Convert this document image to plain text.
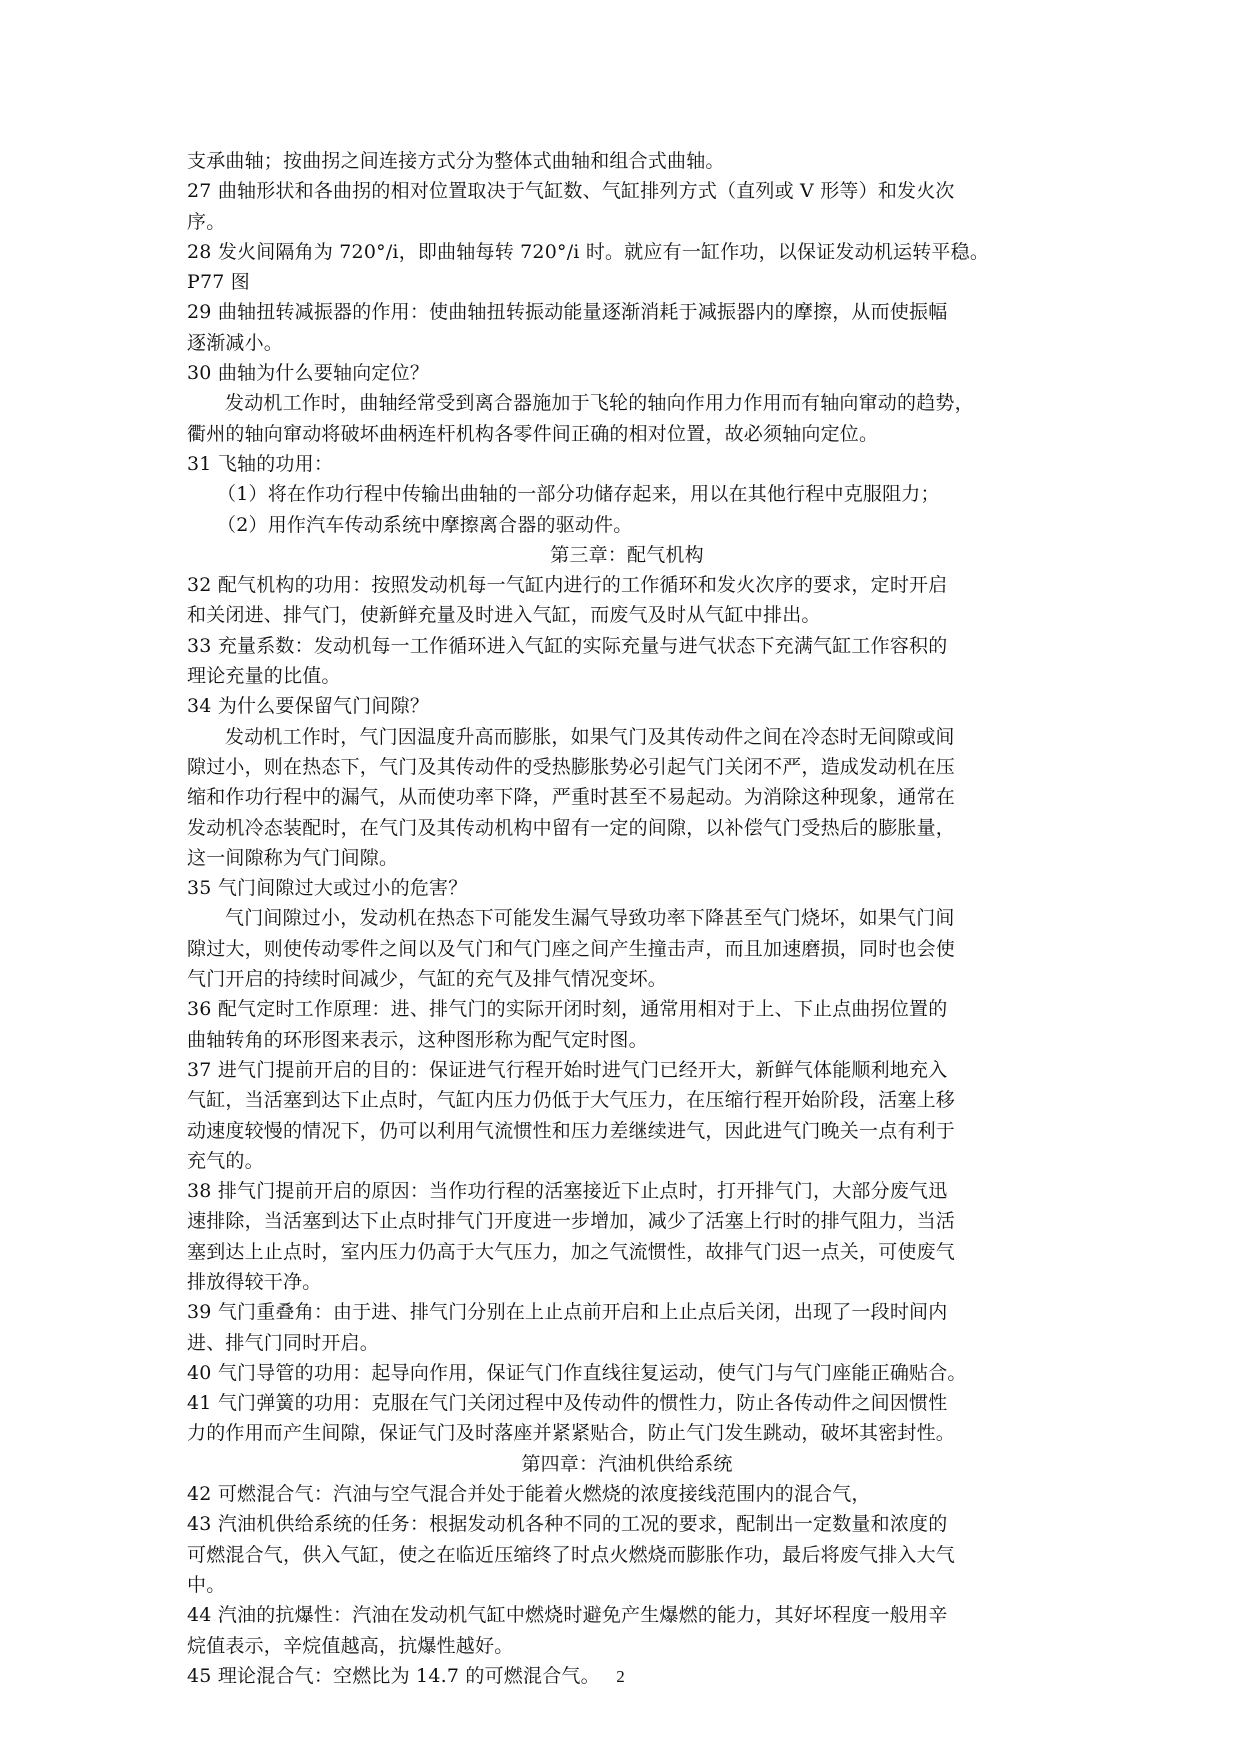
支承曲轴；按曲拐之间连接方式分为整体式曲轴和组合式曲轴。
27 曲轴形状和各曲拐的相对位置取决于气缸数、气缸排列方式（直列或 V 形等）和发火次
序。
28 发火间隔角为 720°/i，即曲轴每转 720°/i 时。就应有一缸作功，以保证发动机运转平稳。
P77 图
29 曲轴扭转减振器的作用：使曲轴扭转振动能量逐渐消耗于减振器内的摩擦，从而使振幅
逐渐减小。
30 曲轴为什么要轴向定位？
发动机工作时，曲轴经常受到离合器施加于飞轮的轴向作用力作用而有轴向窜动的趋势，
衢州的轴向窜动将破坏曲柄连杆机构各零件间正确的相对位置，故必须轴向定位。
31 飞轴的功用：
（1）将在作功行程中传输出曲轴的一部分功储存起来，用以在其他行程中克服阻力；
（2）用作汽车传动系统中摩擦离合器的驱动件。
第三章：配气机构
32 配气机构的功用：按照发动机每一气缸内进行的工作循环和发火次序的要求，定时开启
和关闭进、排气门，使新鲜充量及时进入气缸，而废气及时从气缸中排出。
33 充量系数：发动机每一工作循环进入气缸的实际充量与进气状态下充满气缸工作容积的
理论充量的比值。
34 为什么要保留气门间隙？
发动机工作时，气门因温度升高而膨胀，如果气门及其传动件之间在冷态时无间隙或间
隙过小，则在热态下，气门及其传动件的受热膨胀势必引起气门关闭不严，造成发动机在压
缩和作功行程中的漏气，从而使功率下降，严重时甚至不易起动。为消除这种现象，通常在
发动机冷态装配时，在气门及其传动机构中留有一定的间隙，以补偿气门受热后的膨胀量，
这一间隙称为气门间隙。
35 气门间隙过大或过小的危害？
气门间隙过小，发动机在热态下可能发生漏气导致功率下降甚至气门烧坏，如果气门间
隙过大，则使传动零件之间以及气门和气门座之间产生撞击声，而且加速磨损，同时也会使
气门开启的持续时间减少，气缸的充气及排气情况变坏。
36 配气定时工作原理：进、排气门的实际开闭时刻，通常用相对于上、下止点曲拐位置的
曲轴转角的环形图来表示，这种图形称为配气定时图。
37 进气门提前开启的目的：保证进气行程开始时进气门已经开大，新鲜气体能顺利地充入
气缸，当活塞到达下止点时，气缸内压力仍低于大气压力，在压缩行程开始阶段，活塞上移
动速度较慢的情况下，仍可以利用气流惯性和压力差继续进气，因此进气门晚关一点有利于
充气的。
38 排气门提前开启的原因：当作功行程的活塞接近下止点时，打开排气门，大部分废气迅
速排除，当活塞到达下止点时排气门开度进一步增加，减少了活塞上行时的排气阻力，当活
塞到达上止点时，室内压力仍高于大气压力，加之气流惯性，故排气门迟一点关，可使废气
排放得较干净。
39 气门重叠角：由于进、排气门分别在上止点前开启和上止点后关闭，出现了一段时间内
进、排气门同时开启。
40 气门导管的功用：起导向作用，保证气门作直线往复运动，使气门与气门座能正确贴合。
41 气门弹簧的功用：克服在气门关闭过程中及传动件的惯性力，防止各传动件之间因惯性
力的作用而产生间隙，保证气门及时落座并紧紧贴合，防止气门发生跳动，破坏其密封性。
第四章：汽油机供给系统
42 可燃混合气：汽油与空气混合并处于能着火燃烧的浓度接线范围内的混合气，
43 汽油机供给系统的任务：根据发动机各种不同的工况的要求，配制出一定数量和浓度的
可燃混合气，供入气缸，使之在临近压缩终了时点火燃烧而膨胀作功，最后将废气排入大气
中。
44 汽油的抗爆性：汽油在发动机气缸中燃烧时避免产生爆燃的能力，其好坏程度一般用辛
烷值表示，辛烷值越高，抗爆性越好。
45 理论混合气：空燃比为 14.7 的可燃混合气。 2
